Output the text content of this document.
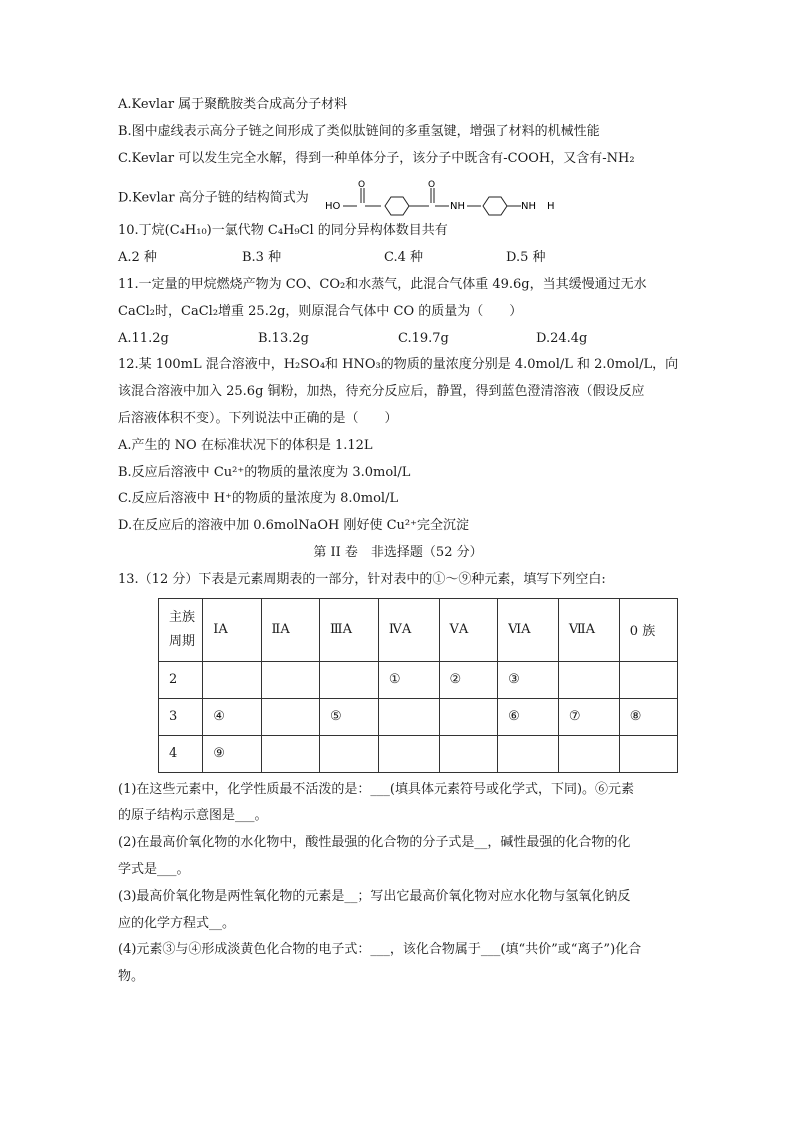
A.Kevlar 属于聚酰胺类合成高分子材料
B.图中虚线表示高分子链之间形成了类似肽链间的多重氢键，增强了材料的机械性能
C.Kevlar 可以发生完全水解，得到一种单体分子，该分子中既含有-COOH，又含有-NH₂
D.Kevlar 高分子链的结构简式为
HO
O	O
NH	NH H
10.丁烷(C₄H₁₀)一氯代物 C₄H₉Cl 的同分异构体数目共有
A.2 种	B.3 种	C.4 种	D.5 种
11.一定量的甲烷燃烧产物为 CO、CO₂和水蒸气，此混合气体重 49.6g，当其缓慢通过无水
CaCl₂时，CaCl₂增重 25.2g，则原混合气体中 CO 的质量为（　　）
A.11.2g	B.13.2g	C.19.7g	D.24.4g
12.某 100mL 混合溶液中，H₂SO₄和 HNO₃的物质的量浓度分别是 4.0mol/L 和 2.0mol/L，向
该混合溶液中加入 25.6g 铜粉，加热，待充分反应后，静置，得到蓝色澄清溶液（假设反应
后溶液体积不变）。下列说法中正确的是（　　）
A.产生的 NO 在标准状况下的体积是 1.12L
B.反应后溶液中 Cu²⁺的物质的量浓度为 3.0mol/L
C.反应后溶液中 H⁺的物质的量浓度为 8.0mol/L
D.在反应后的溶液中加 0.6molNaOH 刚好使 Cu²⁺完全沉淀
第 II 卷　非选择题（52 分）
13.（12 分）下表是元素周期表的一部分，针对表中的①～⑨种元素，填写下列空白:
主族
周期	ⅠA	ⅡA	ⅢA	ⅣA	ⅤA	ⅥA	ⅦA	0 族
2				①	②	③		
3	④		⑤			⑥	⑦	⑧
4	⑨							
(1)在这些元素中，化学性质最不活泼的是：___(填具体元素符号或化学式，下同)。⑥元素
的原子结构示意图是___。
(2)在最高价氧化物的水化物中，酸性最强的化合物的分子式是__，碱性最强的化合物的化
学式是___。
(3)最高价氧化物是两性氧化物的元素是__；写出它最高价氧化物对应水化物与氢氧化钠反
应的化学方程式__。
(4)元素③与④形成淡黄色化合物的电子式：___，该化合物属于___(填“共价”或“离子”)化合
物。
